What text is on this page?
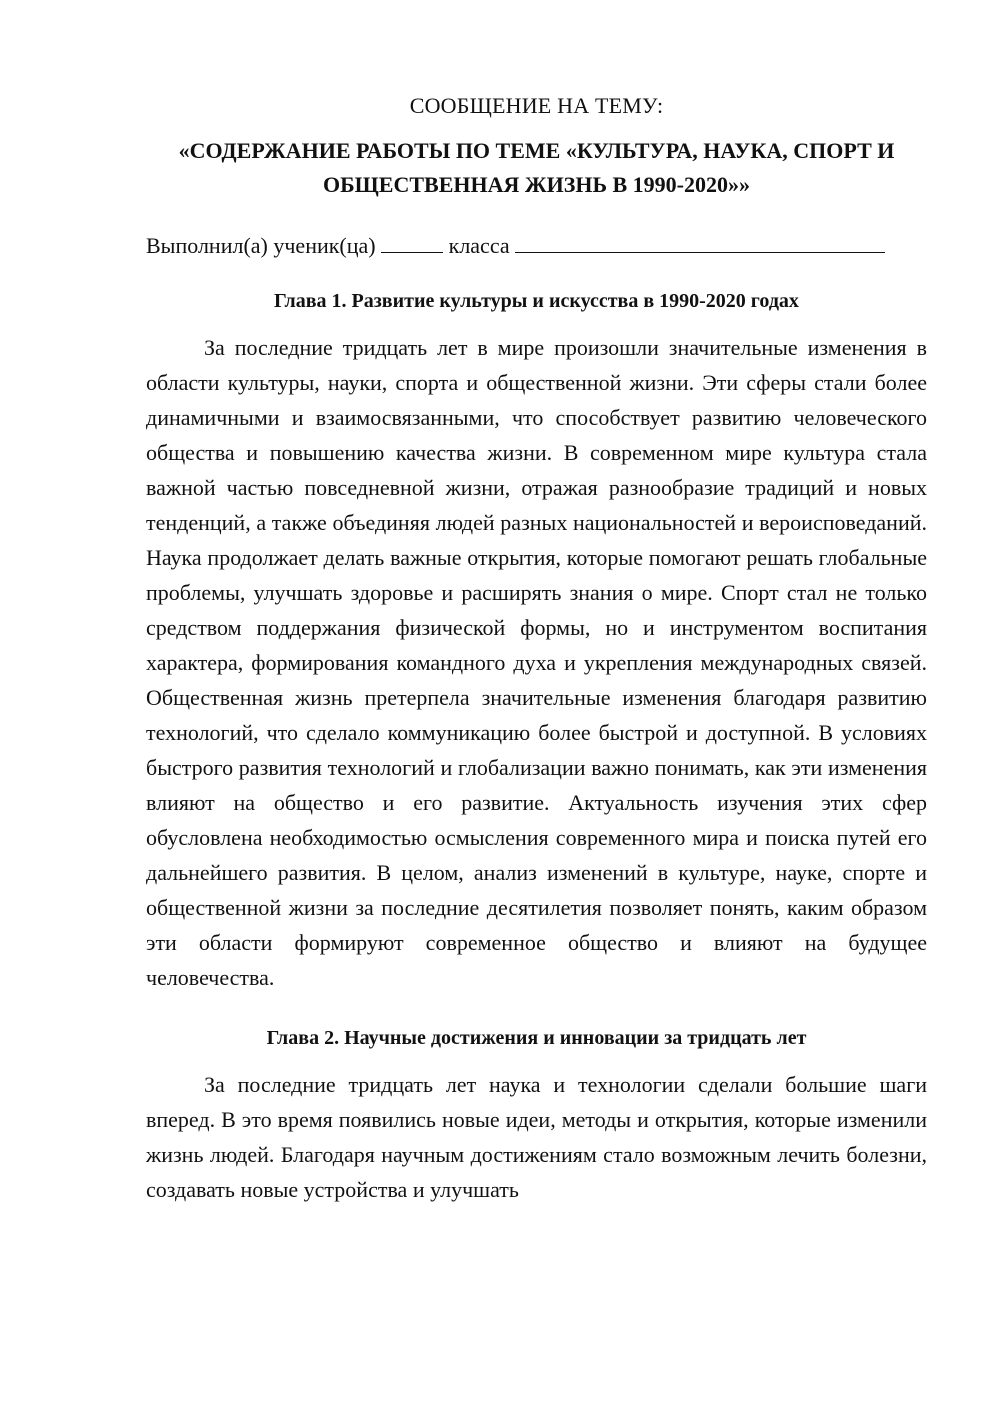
СООБЩЕНИЕ НА ТЕМУ:

«СОДЕРЖАНИЕ РАБОТЫ ПО ТЕМЕ «КУЛЬТУРА, НАУКА, СПОРТ И ОБЩЕСТВЕННАЯ ЖИЗНЬ В 1990-2020»»

Выполнил(а) ученик(ца)	класса

Глава 1. Развитие культуры и искусства в 1990-2020 годах

За последние тридцать лет в мире произошли значительные изменения в области культуры, науки, спорта и общественной жизни. Эти сферы стали более динамичными и взаимосвязанными, что способствует развитию человеческого общества и повышению качества жизни. В современном мире культура стала важной частью повседневной жизни, отражая разнообразие традиций и новых тенденций, а также объединяя людей разных национальностей и вероисповеданий. Наука продолжает делать важные открытия, которые помогают решать глобальные проблемы, улучшать здоровье и расширять знания о мире. Спорт стал не только средством поддержания физической формы, но и инструментом воспитания характера, формирования командного духа и укрепления международных связей. Общественная жизнь претерпела значительные изменения благодаря развитию технологий, что сделало коммуникацию более быстрой и доступной. В условиях быстрого развития технологий и глобализации важно понимать, как эти изменения влияют на общество и его развитие. Актуальность изучения этих сфер обусловлена необходимостью осмысления современного мира и поиска путей его дальнейшего развития. В целом, анализ изменений в культуре, науке, спорте и общественной жизни за последние десятилетия позволяет понять, каким образом эти области формируют современное общество и влияют на будущее человечества.

Глава 2. Научные достижения и инновации за тридцать лет

За последние тридцать лет наука и технологии сделали большие шаги вперед. В это время появились новые идеи, методы и открытия, которые изменили жизнь людей. Благодаря научным достижениям стало возможным лечить болезни, создавать новые устройства и улучшать
